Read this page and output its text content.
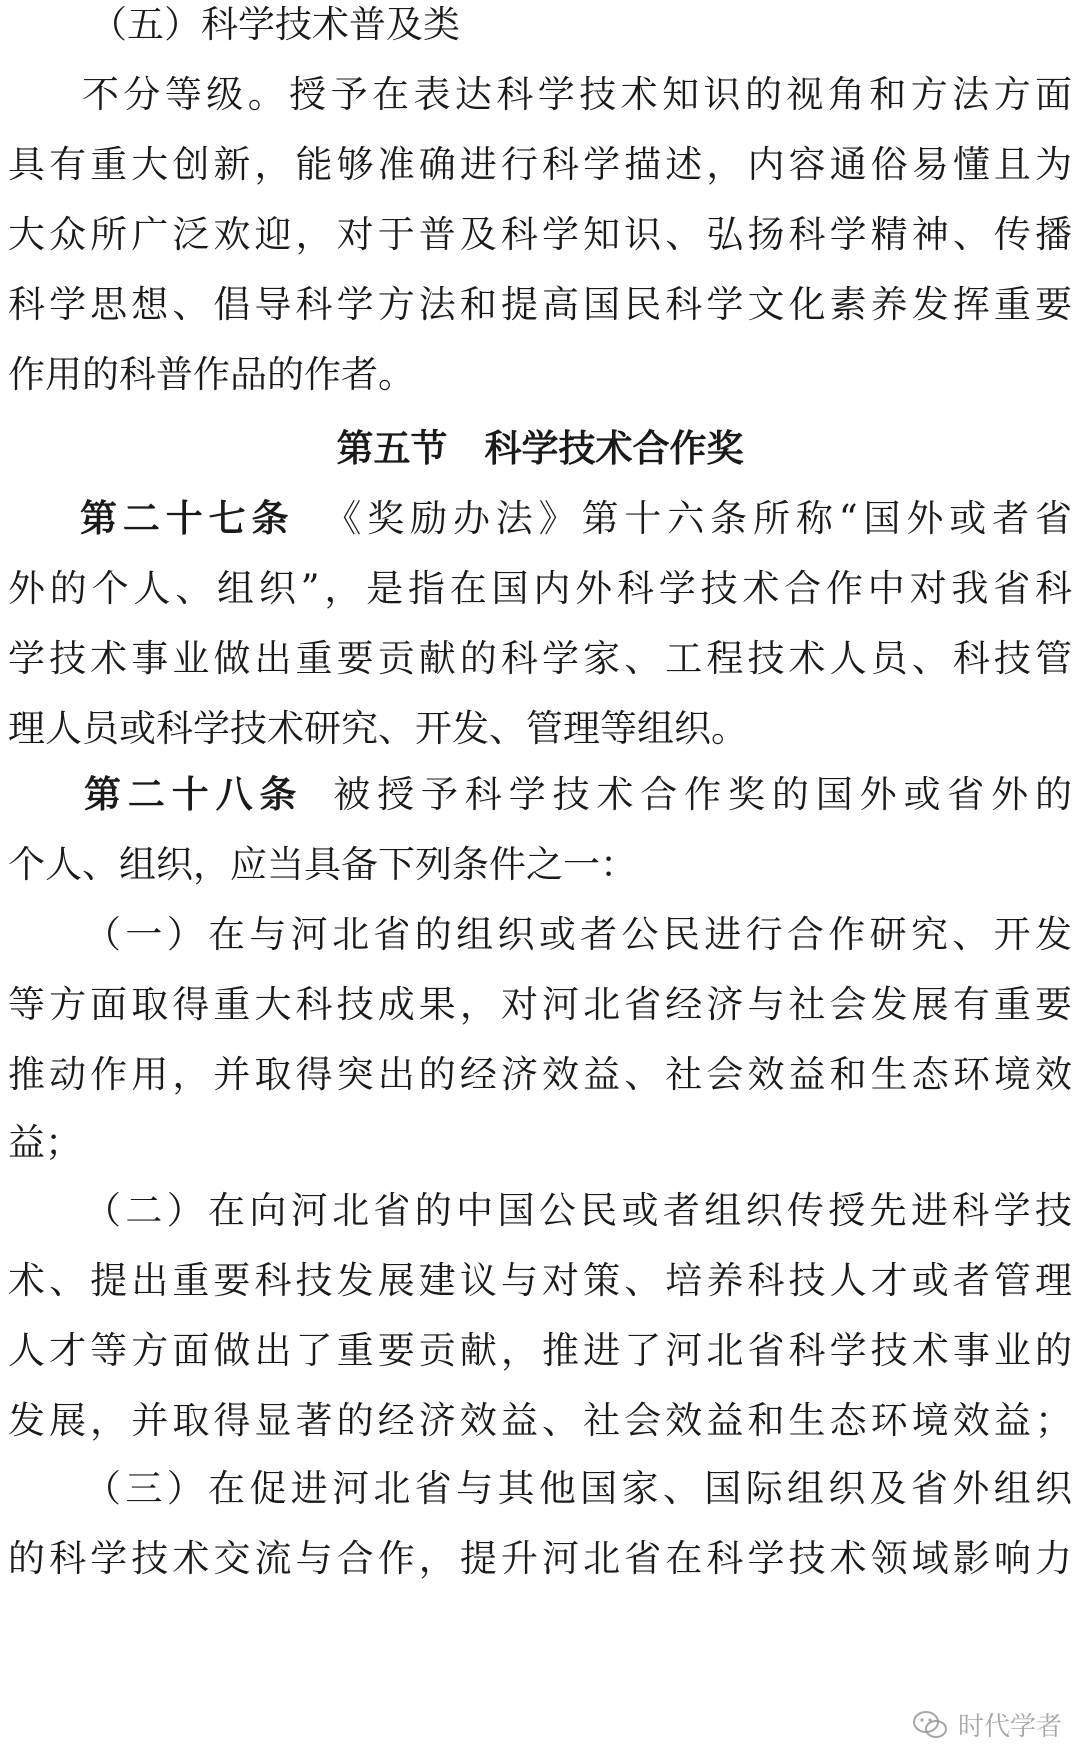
（五）科学技术普及类
不分等级。授予在表达科学技术知识的视角和方法方面
具有重大创新，能够准确进行科学描述，内容通俗易懂且为
大众所广泛欢迎，对于普及科学知识、弘扬科学精神、传播
科学思想、倡导科学方法和提高国民科学文化素养发挥重要
作用的科普作品的作者。
第五节　科学技术合作奖
第二十七条 《奖励办法》第十六条所称“国外或者省
外的个人、组织”，是指在国内外科学技术合作中对我省科
学技术事业做出重要贡献的科学家、工程技术人员、科技管
理人员或科学技术研究、开发、管理等组织。
第二十八条 被授予科学技术合作奖的国外或省外的
个人、组织，应当具备下列条件之一：
（一）在与河北省的组织或者公民进行合作研究、开发
等方面取得重大科技成果，对河北省经济与社会发展有重要
推动作用，并取得突出的经济效益、社会效益和生态环境效
益；
（二）在向河北省的中国公民或者组织传授先进科学技
术、提出重要科技发展建议与对策、培养科技人才或者管理
人才等方面做出了重要贡献，推进了河北省科学技术事业的
发展，并取得显著的经济效益、社会效益和生态环境效益；
（三）在促进河北省与其他国家、国际组织及省外组织
的科学技术交流与合作，提升河北省在科学技术领域影响力
时代学者
